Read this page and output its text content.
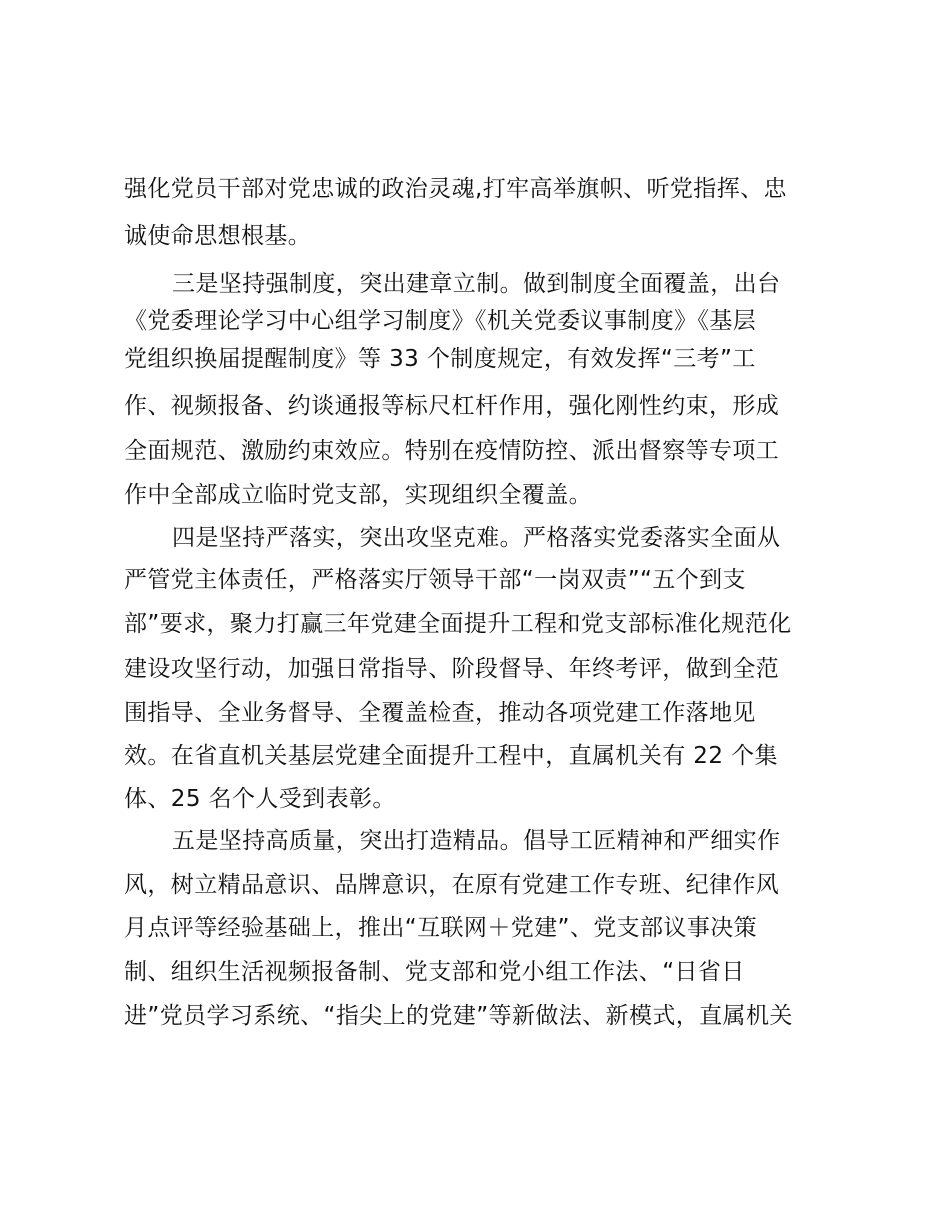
强化党员干部对党忠诚的政治灵魂,打牢高举旗帜、听党指挥、忠
诚使命思想根基。
三是坚持强制度，突出建章立制。做到制度全面覆盖，出台
《党委理论学习中心组学习制度》《机关党委议事制度》《基层
党组织换届提醒制度》等 33 个制度规定，有效发挥“三考”工
作、视频报备、约谈通报等标尺杠杆作用，强化刚性约束，形成
全面规范、激励约束效应。特别在疫情防控、派出督察等专项工
作中全部成立临时党支部，实现组织全覆盖。
四是坚持严落实，突出攻坚克难。严格落实党委落实全面从
严管党主体责任，严格落实厅领导干部“一岗双责”“五个到支
部”要求，聚力打赢三年党建全面提升工程和党支部标准化规范化
建设攻坚行动，加强日常指导、阶段督导、年终考评，做到全范
围指导、全业务督导、全覆盖检查，推动各项党建工作落地见
效。在省直机关基层党建全面提升工程中，直属机关有 22 个集
体、25 名个人受到表彰。
五是坚持高质量，突出打造精品。倡导工匠精神和严细实作
风，树立精品意识、品牌意识，在原有党建工作专班、纪律作风
月点评等经验基础上，推出“互联网＋党建”、党支部议事决策
制、组织生活视频报备制、党支部和党小组工作法、“日省日
进”党员学习系统、“指尖上的党建”等新做法、新模式，直属机关
